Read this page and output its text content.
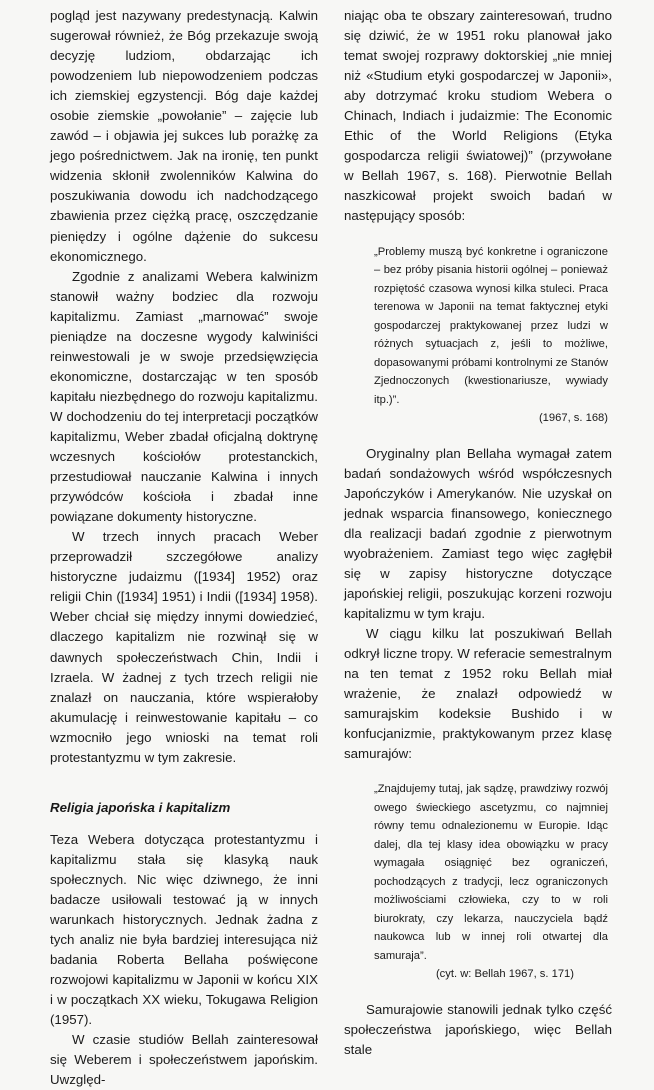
pogląd jest nazywany predestynacją. Kalwin sugerował również, że Bóg przekazuje swoją decyzję ludziom, obdarzając ich powodzeniem lub niepowodzeniem podczas ich ziemskiej egzystencji. Bóg daje każdej osobie ziemskie „powołanie” – zajęcie lub zawód – i objawia jej sukces lub porażkę za jego pośrednictwem. Jak na ironię, ten punkt widzenia skłonił zwolenników Kalwina do poszukiwania dowodu ich nadchodzącego zbawienia przez ciężką pracę, oszczędzanie pieniędzy i ogólne dążenie do sukcesu ekonomicznego.

Zgodnie z analizami Webera kalwinizm stanowił ważny bodziec dla rozwoju kapitalizmu. Zamiast „marnować” swoje pieniądze na doczesne wygody kalwiniści reinwestowali je w swoje przedsięwzięcia ekonomiczne, dostarczając w ten sposób kapitału niezbędnego do rozwoju kapitalizmu. W dochodzeniu do tej interpretacji początków kapitalizmu, Weber zbadał oficjalną doktrynę wczesnych kościołów protestanckich, przestudiował nauczanie Kalwina i innych przywódców kościoła i zbadał inne powiązane dokumenty historyczne.

W trzech innych pracach Weber przeprowadził szczegółowe analizy historyczne judaizmu ([1934] 1952) oraz religii Chin ([1934] 1951) i Indii ([1934] 1958). Weber chciał się między innymi dowiedzieć, dlaczego kapitalizm nie rozwinął się w dawnych społeczeństwach Chin, Indii i Izraela. W żadnej z tych trzech religii nie znalazł on nauczania, które wspierałoby akumulację i reinwestowanie kapitału – co wzmocniło jego wnioski na temat roli protestantyzmu w tym zakresie.

Religia japońska i kapitalizm

Teza Webera dotycząca protestantyzmu i kapitalizmu stała się klasyką nauk społecznych. Nic więc dziwnego, że inni badacze usiłowali testować ją w innych warunkach historycznych. Jednak żadna z tych analiz nie była bardziej interesująca niż badania Roberta Bellaha poświęcone rozwojowi kapitalizmu w Japonii w końcu XIX i w początkach XX wieku, Tokugawa Religion (1957).

W czasie studiów Bellah zainteresował się Weberem i społeczeństwem japońskim. Uwzględ-

niając oba te obszary zainteresowań, trudno się dziwić, że w 1951 roku planował jako temat swojej rozprawy doktorskiej „nie mniej niż «Studium etyki gospodarczej w Japonii», aby dotrzymać kroku studiom Webera o Chinach, Indiach i judaizmie: The Economic Ethic of the World Religions (Etyka gospodarcza religii światowej)” (przywołane w Bellah 1967, s. 168). Pierwotnie Bellah naszkicował projekt swoich badań w następujący sposób:

„Problemy muszą być konkretne i ograniczone – bez próby pisania historii ogólnej – ponieważ rozpiętość czasowa wynosi kilka stuleci. Praca terenowa w Japonii na temat faktycznej etyki gospodarczej praktykowanej przez ludzi w różnych sytuacjach z, jeśli to możliwe, dopasowanymi próbami kontrolnymi ze Stanów Zjednoczonych (kwestionariusze, wywiady itp.)”.
(1967, s. 168)

Oryginalny plan Bellaha wymagał zatem badań sondażowych wśród współczesnych Japończyków i Amerykanów. Nie uzyskał on jednak wsparcia finansowego, koniecznego dla realizacji badań zgodnie z pierwotnym wyobrażeniem. Zamiast tego więc zagłębił się w zapisy historyczne dotyczące japońskiej religii, poszukując korzeni rozwoju kapitalizmu w tym kraju.

W ciągu kilku lat poszukiwań Bellah odkrył liczne tropy. W referacie semestralnym na ten temat z 1952 roku Bellah miał wrażenie, że znalazł odpowiedź w samurajskim kodeksie Bushido i w konfucjanizmie, praktykowanym przez klasę samurajów:

„Znajdujemy tutaj, jak sądzę, prawdziwy rozwój owego świeckiego ascetyzmu, co najmniej równy temu odnalezionemu w Europie. Idąc dalej, dla tej klasy idea obowiązku w pracy wymagała osiągnięć bez ograniczeń, pochodzących z tradycji, lecz ograniczonych możliwościami człowieka, czy to w roli biurokraty, czy lekarza, nauczyciela bądź naukowca lub w innej roli otwartej dla samuraja”.
(cyt. w: Bellah 1967, s. 171)

Samurajowie stanowili jednak tylko część społeczeństwa japońskiego, więc Bellah stale
